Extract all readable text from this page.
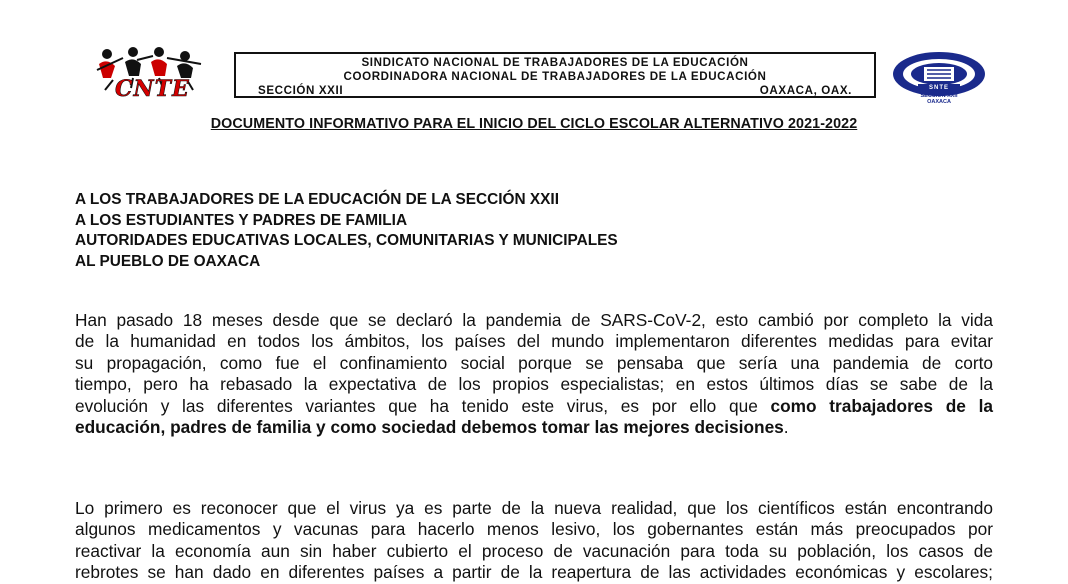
CNTE
SINDICATO NACIONAL DE TRABAJADORES DE LA EDUCACIÓN
COORDINADORA NACIONAL DE TRABAJADORES DE LA EDUCACIÓN
SECCIÓN XXII	OAXACA, OAX.	SNTE
SECCION XXII OAXACA
DOCUMENTO INFORMATIVO PARA EL INICIO DEL CICLO ESCOLAR ALTERNATIVO 2021-2022
A LOS TRABAJADORES DE LA EDUCACIÓN DE LA SECCIÓN XXII
A LOS ESTUDIANTES Y PADRES DE FAMILIA
AUTORIDADES EDUCATIVAS LOCALES, COMUNITARIAS Y MUNICIPALES
AL PUEBLO DE OAXACA
Han pasado 18 meses desde que se declaró la pandemia de SARS-CoV-2, esto cambió por completo la vida
de la humanidad en todos los ámbitos, los países del mundo implementaron diferentes medidas para evitar
su propagación, como fue el confinamiento social porque se pensaba que sería una pandemia de corto
tiempo, pero ha rebasado la expectativa de los propios especialistas; en estos últimos días se sabe de la
evolución y las diferentes variantes que ha tenido este virus, es por ello que como trabajadores de la
educación, padres de familia y como sociedad debemos tomar las mejores decisiones.
Lo primero es reconocer que el virus ya es parte de la nueva realidad, que los científicos están encontrando
algunos medicamentos y vacunas para hacerlo menos lesivo, los gobernantes están más preocupados por
reactivar la economía aun sin haber cubierto el proceso de vacunación para toda su población, los casos de
rebrotes se han dado en diferentes países a partir de la reapertura de las actividades económicas y escolares;
